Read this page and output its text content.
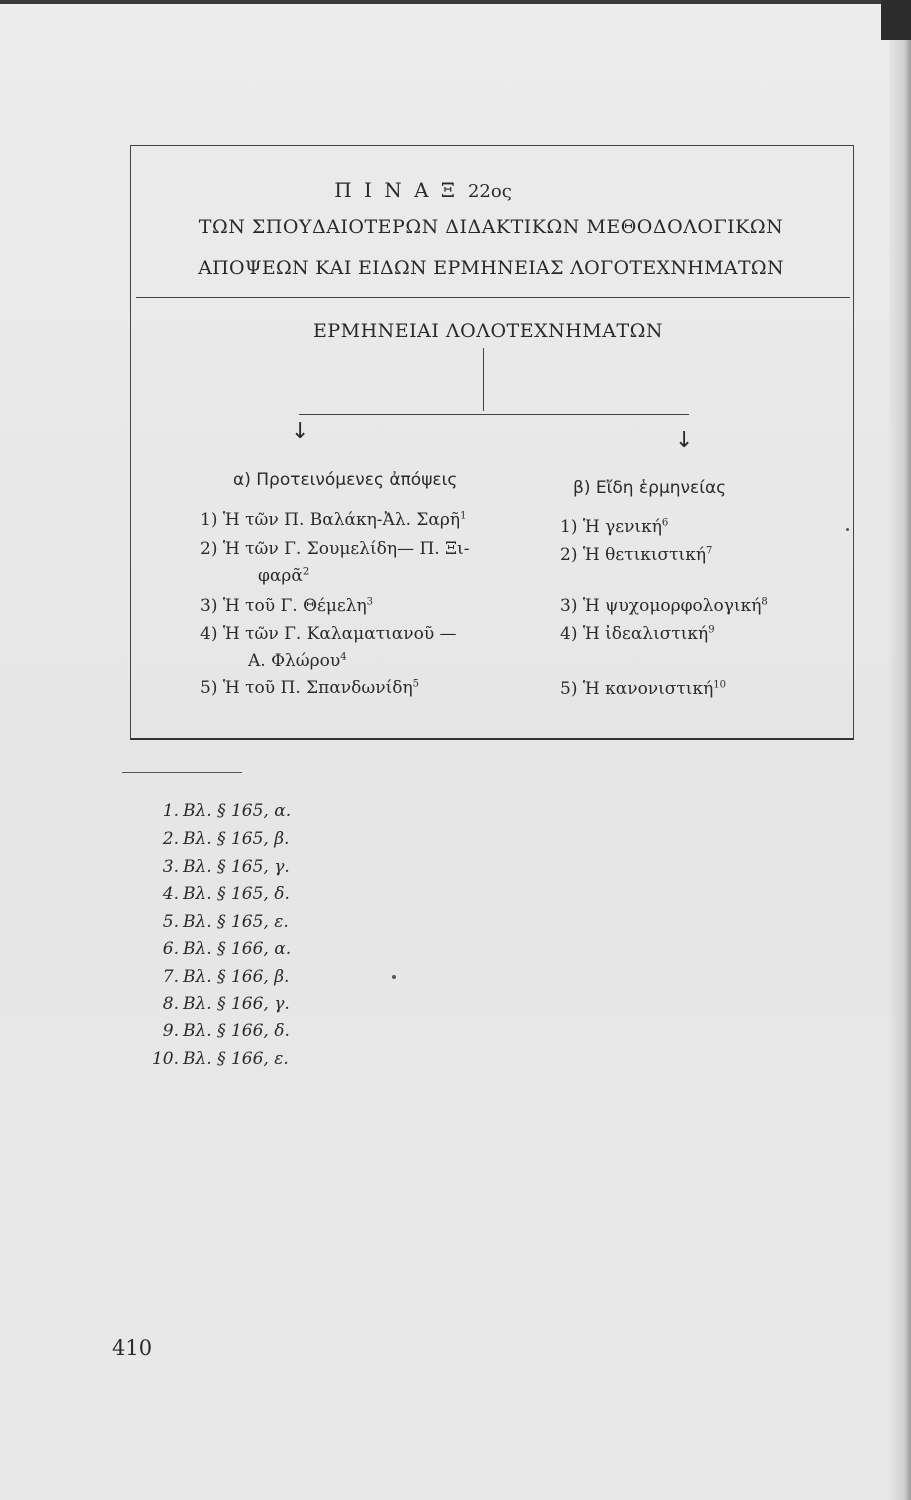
Π Ι Ν Α Ξ 22ος
ΤΩΝ ΣΠΟΥΔΑΙΟΤΕΡΩΝ ΔΙΔΑΚΤΙΚΩΝ ΜΕΘΟΔΟΛΟΓΙΚΩΝ
ΑΠΟΨΕΩΝ ΚΑΙ ΕΙΔΩΝ ΕΡΜΗΝΕΙΑΣ ΛΟΓΟΤΕΧΝΗΜΑΤΩΝ
ΕΡΜΗΝΕΙΑΙ ΛΟΛΟΤΕΧΝΗΜΑΤΩΝ
↓	↓
α) Προτεινόμενες ἀπόψεις
1) Ἡ τῶν Π. Βαλάκη-Ἀλ. Σαρῆ$^1$
2) Ἡ τῶν Γ. Σουμελίδη— Π. Ξι-
φαρᾶ$^2$
3) Ἡ τοῦ Γ. Θέμελη$^3$
4) Ἡ τῶν Γ. Καλαματιανοῦ —
Α. Φλώρου$^4$
5) Ἡ τοῦ Π. Σπανδωνίδη$^5$
β) Εἴδη ἑρμηνείας
1) Ἡ γενική$^6$
2) Ἡ θετικιστική$^7$
3) Ἡ ψυχομορφολογική$^8$
4) Ἡ ἰδεαλιστική$^9$
5) Ἡ κανονιστική$^{10}$
1. Βλ. § 165, α.
2. Βλ. § 165, β.
3. Βλ. § 165, γ.
4. Βλ. § 165, δ.
5. Βλ. § 165, ε.
6. Βλ. § 166, α.
7. Βλ. § 166, β.
8. Βλ. § 166, γ.
9. Βλ. § 166, δ.
10. Βλ. § 166, ε.
410
